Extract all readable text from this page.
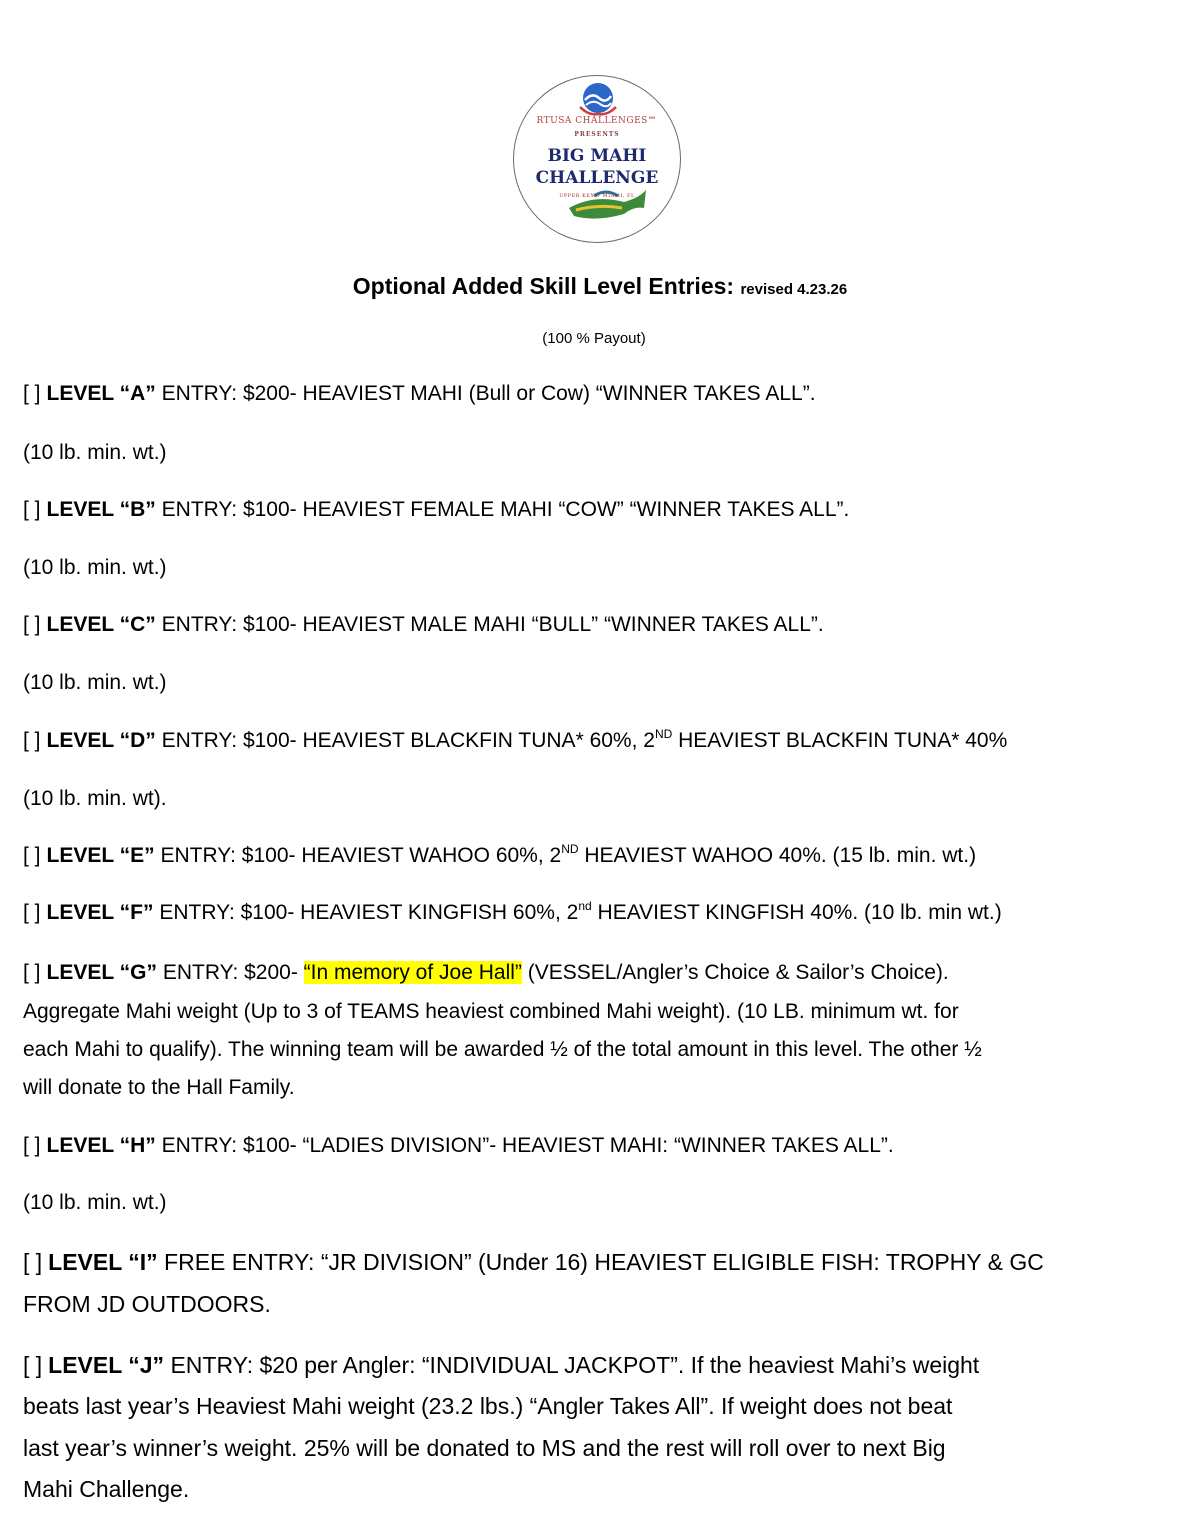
RTUSA CHALLENGES℠
PRESENTS
BIG MAHI
CHALLENGE
UPPER KEYS/ MIAMI, FL
Optional Added Skill Level Entries: revised 4.23.26
(100 % Payout)
[ ] LEVEL “A” ENTRY: $200- HEAVIEST MAHI (Bull or Cow) “WINNER TAKES ALL”.
(10 lb. min. wt.)
[ ] LEVEL “B” ENTRY: $100- HEAVIEST FEMALE MAHI “COW” “WINNER TAKES ALL”.
(10 lb. min. wt.)
[ ] LEVEL “C” ENTRY: $100- HEAVIEST MALE MAHI “BULL” “WINNER TAKES ALL”.
(10 lb. min. wt.)
[ ] LEVEL “D” ENTRY: $100- HEAVIEST BLACKFIN TUNA* 60%, 2ND HEAVIEST BLACKFIN TUNA* 40%
(10 lb. min. wt).
[ ] LEVEL “E” ENTRY: $100- HEAVIEST WAHOO 60%, 2ND HEAVIEST WAHOO 40%. (15 lb. min. wt.)
[ ] LEVEL “F” ENTRY: $100- HEAVIEST KINGFISH 60%, 2nd HEAVIEST KINGFISH 40%. (10 lb. min wt.)
[ ] LEVEL “G” ENTRY: $200- “In memory of Joe Hall” (VESSEL/Angler’s Choice & Sailor’s Choice).
Aggregate Mahi weight (Up to 3 of TEAMS heaviest combined Mahi weight). (10 LB. minimum wt. for
each Mahi to qualify). The winning team will be awarded ½ of the total amount in this level. The other ½
will donate to the Hall Family.
[ ] LEVEL “H” ENTRY: $100- “LADIES DIVISION”- HEAVIEST MAHI: “WINNER TAKES ALL”.
(10 lb. min. wt.)
[ ] LEVEL “I” FREE ENTRY: “JR DIVISION” (Under 16) HEAVIEST ELIGIBLE FISH: TROPHY & GC
FROM JD OUTDOORS.
[ ] LEVEL “J” ENTRY: $20 per Angler: “INDIVIDUAL JACKPOT”. If the heaviest Mahi’s weight
beats last year’s Heaviest Mahi weight (23.2 lbs.) “Angler Takes All”. If weight does not beat
last year’s winner’s weight. 25% will be donated to MS and the rest will roll over to next Big
Mahi Challenge.
